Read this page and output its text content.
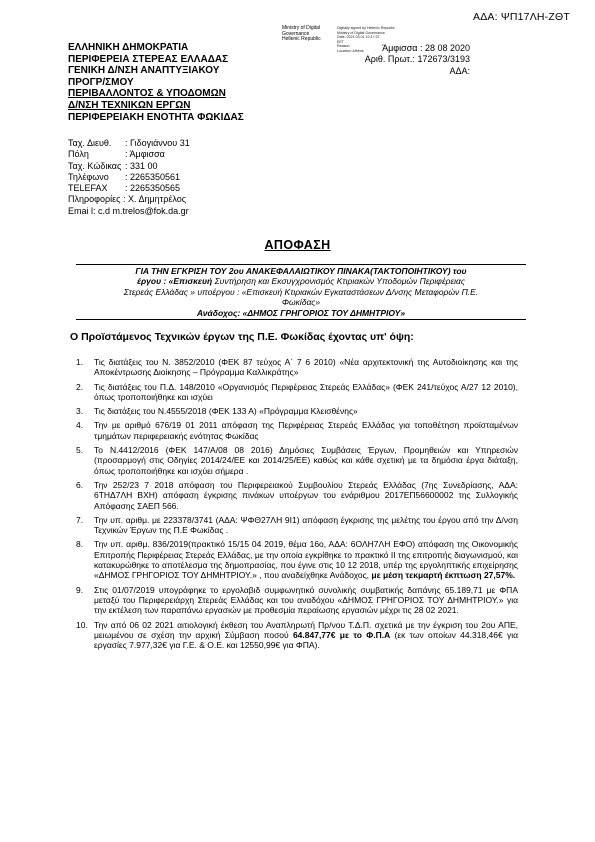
ΑΔΑ: ΨΠ17ΛΗ-ΖΘΤ
Ministry of Digital
Governance
Hellenic Republic
Digitally signed by Hellenic Republic
Ministry of Digital Governance
Date: 2021.03.01 10:17:37
EET
Reason:
Location: Athens
ΕΛΛΗΝΙΚΗ ΔΗΜΟΚΡΑΤΙΑ
ΠΕΡΙΦΕΡΕΙΑ ΣΤΕΡΕΑΣ ΕΛΛΑΔΑΣ
ΓΕΝΙΚΗ Δ/ΝΣΗ ΑΝΑΠΤΥΞΙΑΚΟΥ
ΠΡΟΓΡ/ΣΜΟΥ
ΠΕΡΙΒΑΛΛΟΝΤΟΣ & ΥΠΟΔΟΜΩΝ
Δ/ΝΣΗ ΤΕΧΝΙΚΩΝ ΕΡΓΩΝ
ΠΕΡΙΦΕΡΕΙΑΚΗ ΕΝΟΤΗΤΑ ΦΩΚΙΔΑΣ
Άμφισσα : 28 08 2020
Αριθ. Πρωτ.: 172673/3193
ΑΔΑ:
Ταχ. Διευθ. : Γιδογιάννου 31
Πόλη	: Άμφισσα
Ταχ. Κώδικας : 331 00
Τηλέφωνο : 2265350561
TELEFAX : 2265350565
Πληροφορίες : Χ. Δημητρέλος
Emai l: c.d m.trelos@fok.da.gr
ΑΠΟΦΑΣΗ
ΓΙΑ ΤΗΝ ΕΓΚΡΙΣΗ ΤΟΥ 2ου ΑΝΑΚΕΦΑΛΑΙΩΤΙΚΟΥ ΠΙΝΑΚΑ(ΤΑΚΤΟΠΟΙΗΤΙΚΟΥ) του
έργου : «Επισκευή Συντήρηση και Εκσυγχρονισμός Κτιριακών Υποδομών Περιφέρειας
Στερεάς Ελλάδας » υποέργου : «Επισκευή Κτιριακών Εγκαταστάσεων Δ/νσης Μεταφορών Π.Ε.
Φωκίδας»
Ανάδοχος: «ΔΗΜΟΣ ΓΡΗΓΟΡΙΟΣ ΤΟΥ ΔΗΜΗΤΡΙΟΥ»
Ο Προϊστάμενος Τεχνικών έργων της Π.Ε. Φωκίδας έχοντας υπ' όψη:
1. Τις διατάξεις του Ν. 3852/2010 (ΦΕΚ 87 τεύχος Α΄ 7 6 2010) «Νέα αρχιτεκτονική της Αυτοδιοίκησης και της Αποκέντρωσης Διοίκησης – Πρόγραμμα Καλλικράτης»
2. Τις διατάξεις του Π.Δ. 148/2010 «Οργανισμός Περιφέρειας Στερεάς Ελλάδας» (ΦΕΚ 241/τεύχος Α/27 12 2010), όπως τροποποιήθηκε και ισχύει
3. Τις διατάξεις του Ν.4555/2018 (ΦΕΚ 133 Α) «Πρόγραμμα Κλεισθένης»
4. Την με αριθμό 676/19 01 2011 απόφαση της Περιφέρειας Στερεάς Ελλάδας για τοποθέτηση προϊσταμένων τμημάτων περιφερειακής ενότητας Φωκίδας
5. Το Ν.4412/2016 (ΦΕΚ 147/Α/08 08 2016) Δημόσιες Συμβάσεις Έργων, Προμηθειών και Υπηρεσιών (προσαρμογή στις Οδηγίες 2014/24/ΕΕ και 2014/25/ΕΕ) καθώς και κάθε σχετική με τα δημόσια έργα διάταξη, όπως τροποποιήθηκε και ισχύει σήμερα .
6. Την 252/23 7 2018 απόφαση του Περιφερειακού Συμβουλίου Στερεάς Ελλάδας (7ης Συνεδρίασης, ΑΔΑ: 6ΤΗΔ7ΛΗ ΒΧΗ) απόφαση έγκρισης πινάκων υποέργων του ενάριθμου 2017ΕΠ56600002 της Συλλογικής Απόφασης ΣΑΕΠ 566.
7. Την υπ. αριθμ. με 223378/3741 (ΑΔΑ: ΨΦΘ27ΛΗ 9Ι1) απόφαση έγκρισης της μελέτης του έργου από την Δ/νση Τεχνικών Έργων της Π.Ε Φωκίδας .
8. Την υπ. αριθμ. 836/2019(πρακτικό 15/15 04 2019, θέμα 16ο, ΑΔΑ: 6ΟΛΗ7ΛΗ ΕΦΟ) απόφαση της Οικονομικής Επιτροπής Περιφέρειας Στερεάς Ελλάδας, με την οποία εγκρίθηκε το πρακτικό ΙΙ της επιτροπής διαγωνισμού, και κατακυρώθηκε το αποτέλεσμα της δημοπρασίας, που έγινε στις 10 12 2018, υπέρ της εργοληπτικής επιχείρησης «ΔΗΜΟΣ ΓΡΗΓΟΡΙΟΣ ΤΟΥ ΔΗΜΗΤΡΙΟΥ.» , που αναδείχθηκε Ανάδοχος, με μέση τεκμαρτή έκπτωση 27,57%.
9. Στις 01/07/2019 υπογράφηκε το εργολαβιδ συμφωνητικό συνολικής συμβατικής δαπάνης 65.189,71 με ΦΠΑ μεταξύ του Περιφερειάρχη Στερεάς Ελλάδας και του αναδόχου «ΔΗΜΟΣ ΓΡΗΓΟΡΙΟΣ ΤΟΥ ΔΗΜΗΤΡΙΟΥ.» για την εκτέλεση των παραπάνω εργασιών με προθεσμία περαίωσης εργασιών μέχρι τις 28 02 2021.
10. Την από 06 02 2021 αιτιολογική έκθεση του Αναπληρωτή Πρ/νου Τ.Δ.Π. σχετικά με την έγκριση του 2ου ΑΠΕ, μειωμένου σε σχέση την αρχική Σύμβαση ποσού 64.847,77€ με το Φ.Π.Α (εκ των οποίων 44.318,46€ για εργασίες 7.977,32€ για Γ.Ε. & Ο.Ε. και 12550,99€ για ΦΠΑ).
